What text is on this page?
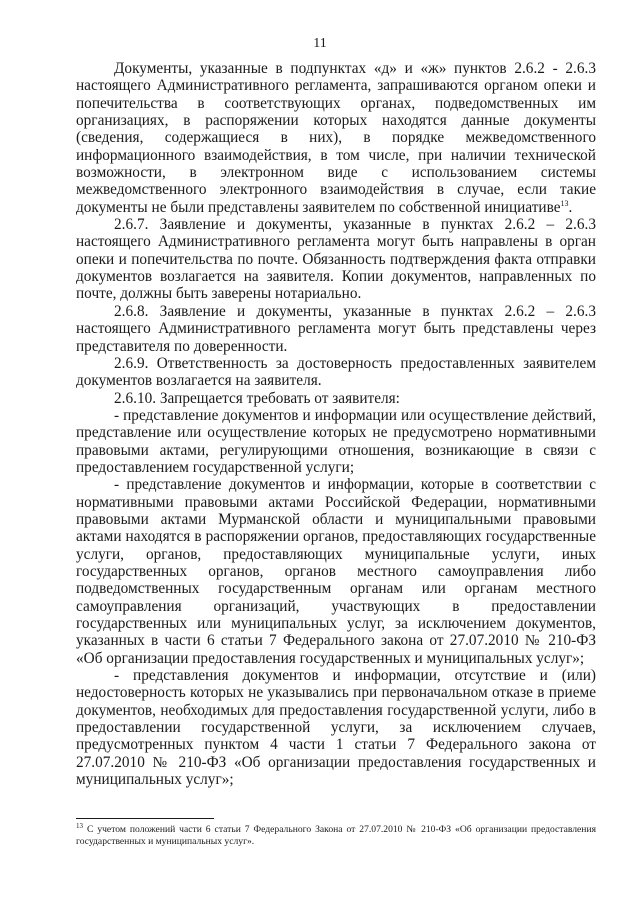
11

Документы, указанные в подпунктах «д» и «ж» пунктов 2.6.2 - 2.6.3 настоящего Административного регламента, запрашиваются органом опеки и попечительства в соответствующих органах, подведомственных им организациях, в распоряжении которых находятся данные документы (сведения, содержащиеся в них), в порядке межведомственного информационного взаимодействия, в том числе, при наличии технической возможности, в электронном виде с использованием системы межведомственного электронного взаимодействия в случае, если такие документы не были представлены заявителем по собственной инициативе$^{13}$.

2.6.7. Заявление и документы, указанные в пунктах 2.6.2 – 2.6.3 настоящего Административного регламента могут быть направлены в орган опеки и попечительства по почте. Обязанность подтверждения факта отправки документов возлагается на заявителя. Копии документов, направленных по почте, должны быть заверены нотариально.

2.6.8. Заявление и документы, указанные в пунктах 2.6.2 – 2.6.3 настоящего Административного регламента могут быть представлены через представителя по доверенности.

2.6.9. Ответственность за достоверность предоставленных заявителем документов возлагается на заявителя.

2.6.10. Запрещается требовать от заявителя:

- представление документов и информации или осуществление действий, представление или осуществление которых не предусмотрено нормативными правовыми актами, регулирующими отношения, возникающие в связи с предоставлением государственной услуги;

- представление документов и информации, которые в соответствии с нормативными правовыми актами Российской Федерации, нормативными правовыми актами Мурманской области и муниципальными правовыми актами находятся в распоряжении органов, предоставляющих государственные услуги, органов, предоставляющих муниципальные услуги, иных государственных органов, органов местного самоуправления либо подведомственных государственным органам или органам местного самоуправления организаций, участвующих в предоставлении государственных или муниципальных услуг, за исключением документов, указанных в части 6 статьи 7 Федерального закона от 27.07.2010 № 210-ФЗ «Об организации предоставления государственных и муниципальных услуг»;

- представления документов и информации, отсутствие и (или) недостоверность которых не указывались при первоначальном отказе в приеме документов, необходимых для предоставления государственной услуги, либо в предоставлении государственной услуги, за исключением случаев, предусмотренных пунктом 4 части 1 статьи 7 Федерального закона от 27.07.2010 № 210-ФЗ «Об организации предоставления государственных и муниципальных услуг»;

$^{13}$ С учетом положений части 6 статьи 7 Федерального Закона от 27.07.2010 № 210-ФЗ «Об организации предоставления государственных и муниципальных услуг».
